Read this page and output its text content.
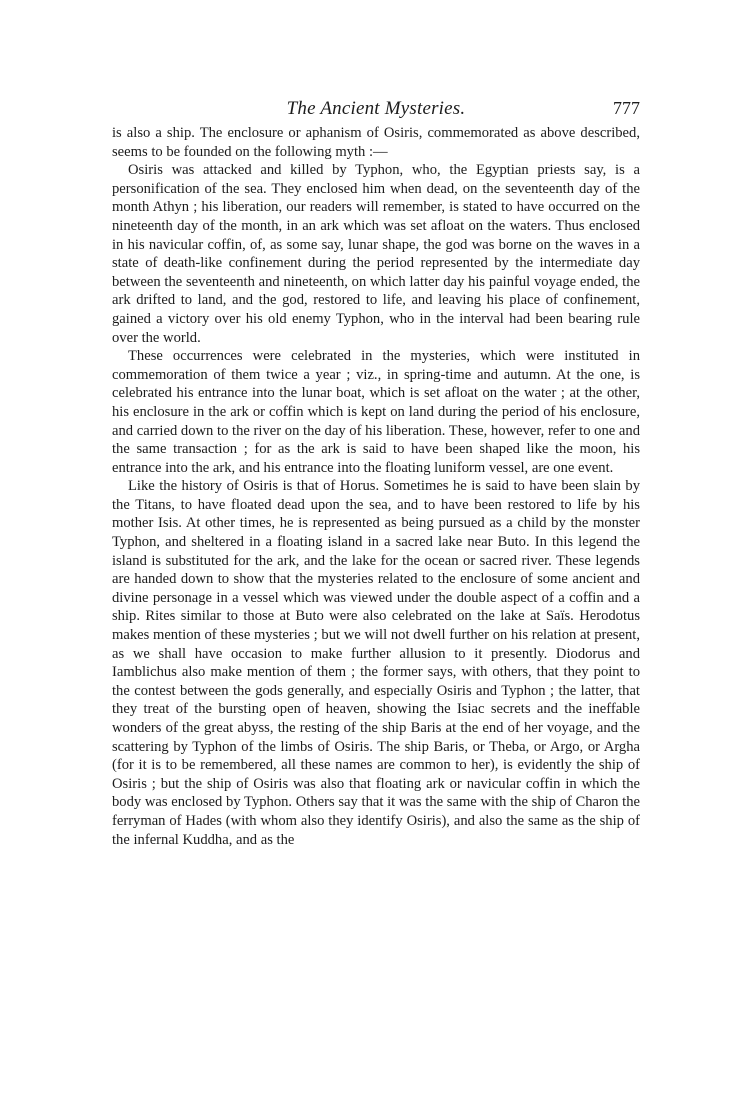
The Ancient Mysteries.	777

is also a ship. The enclosure or aphanism of Osiris, commemorated as above described, seems to be founded on the following myth :—

Osiris was attacked and killed by Typhon, who, the Egyptian priests say, is a personification of the sea. They enclosed him when dead, on the seventeenth day of the month Athyn ; his liberation, our readers will remember, is stated to have occurred on the nineteenth day of the month, in an ark which was set afloat on the waters. Thus enclosed in his navicular coffin, of, as some say, lunar shape, the god was borne on the waves in a state of death-like confinement during the period represented by the intermediate day between the seventeenth and nineteenth, on which latter day his painful voyage ended, the ark drifted to land, and the god, restored to life, and leaving his place of confinement, gained a victory over his old enemy Typhon, who in the interval had been bearing rule over the world.

These occurrences were celebrated in the mysteries, which were instituted in commemoration of them twice a year ; viz., in spring-time and autumn. At the one, is celebrated his entrance into the lunar boat, which is set afloat on the water ; at the other, his enclosure in the ark or coffin which is kept on land during the period of his enclosure, and carried down to the river on the day of his liberation. These, however, refer to one and the same transaction ; for as the ark is said to have been shaped like the moon, his entrance into the ark, and his entrance into the floating luniform vessel, are one event.

Like the history of Osiris is that of Horus. Sometimes he is said to have been slain by the Titans, to have floated dead upon the sea, and to have been restored to life by his mother Isis. At other times, he is represented as being pursued as a child by the monster Typhon, and sheltered in a floating island in a sacred lake near Buto. In this legend the island is substituted for the ark, and the lake for the ocean or sacred river. These legends are handed down to show that the mysteries related to the enclosure of some ancient and divine personage in a vessel which was viewed under the double aspect of a coffin and a ship. Rites similar to those at Buto were also celebrated on the lake at Saïs. Herodotus makes mention of these mysteries ; but we will not dwell further on his relation at present, as we shall have occasion to make further allusion to it presently. Diodorus and Iamblichus also make mention of them ; the former says, with others, that they point to the contest between the gods generally, and especially Osiris and Typhon ; the latter, that they treat of the bursting open of heaven, showing the Isiac secrets and the ineffable wonders of the great abyss, the resting of the ship Baris at the end of her voyage, and the scattering by Typhon of the limbs of Osiris. The ship Baris, or Theba, or Argo, or Argha (for it is to be remembered, all these names are common to her), is evidently the ship of Osiris ; but the ship of Osiris was also that floating ark or navicular coffin in which the body was enclosed by Typhon. Others say that it was the same with the ship of Charon the ferryman of Hades (with whom also they identify Osiris), and also the same as the ship of the infernal Kuddha, and as the
